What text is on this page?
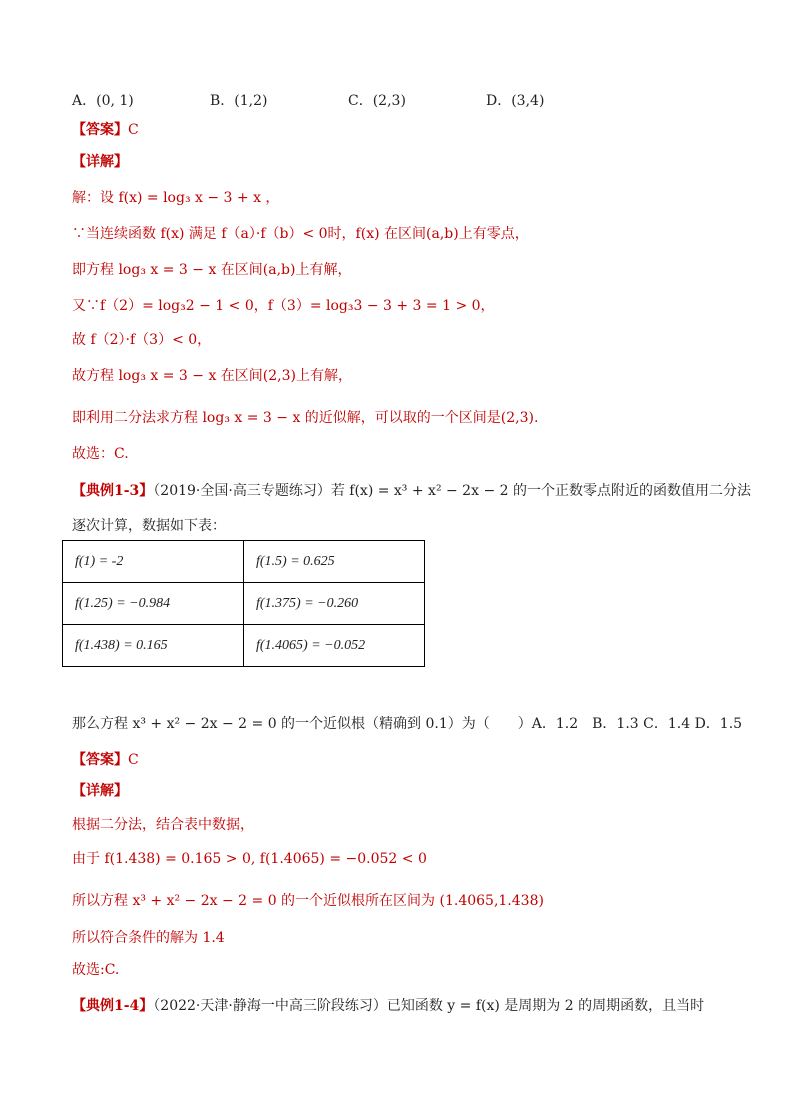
A．(0, 1)	B．(1,2)	C．(2,3)	D．(3,4)
【答案】C
【详解】
解：设 f(x) = log₃ x − 3 + x ，
∵当连续函数 f(x) 满足 f（a）·f（b）< 0时，f(x) 在区间(a,b)上有零点，
即方程 log₃ x = 3 − x 在区间(a,b)上有解，
又∵f（2）= log₃2 − 1 < 0，f（3）= log₃3 − 3 + 3 = 1 > 0，
故 f（2）·f（3）< 0，
故方程 log₃ x = 3 − x 在区间(2,3)上有解，
即利用二分法求方程 log₃ x = 3 − x 的近似解，可以取的一个区间是(2,3).
故选：C.
【典例1-3】（2019·全国·高三专题练习）若 f(x) = x³ + x² − 2x − 2 的一个正数零点附近的函数值用二分法
逐次计算，数据如下表：
f(1) = -2	f(1.5) = 0.625
f(1.25) = −0.984	f(1.375) = −0.260
f(1.438) = 0.165	f(1.4065) = −0.052
那么方程 x³ + x² − 2x − 2 = 0 的一个近似根（精确到 0.1）为（　　）A．1.2　B．1.3 C．1.4 D．1.5
【答案】C
【详解】
根据二分法，结合表中数据，
由于 f(1.438) = 0.165 > 0, f(1.4065) = −0.052 < 0
所以方程 x³ + x² − 2x − 2 = 0 的一个近似根所在区间为 (1.4065,1.438)
所以符合条件的解为 1.4
故选:C.
【典例1-4】（2022·天津·静海一中高三阶段练习）已知函数 y = f(x) 是周期为 2 的周期函数，且当时
